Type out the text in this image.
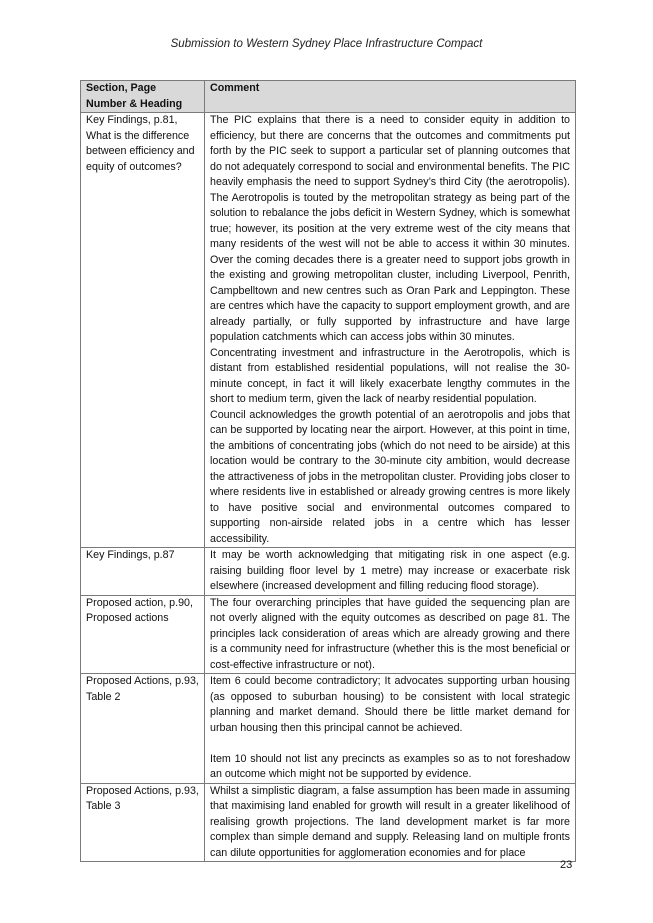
Submission to Western Sydney Place Infrastructure Compact
Section, Page Number & Heading	Comment
Key Findings, p.81, What is the difference between efficiency and equity of outcomes?	The PIC explains that there is a need to consider equity in addition to efficiency, but there are concerns that the outcomes and commitments put forth by the PIC seek to support a particular set of planning outcomes that do not adequately correspond to social and environmental benefits. The PIC heavily emphasis the need to support Sydney’s third City (the aerotropolis). The Aerotropolis is touted by the metropolitan strategy as being part of the solution to rebalance the jobs deficit in Western Sydney, which is somewhat true; however, its position at the very extreme west of the city means that many residents of the west will not be able to access it within 30 minutes. Over the coming decades there is a greater need to support jobs growth in the existing and growing metropolitan cluster, including Liverpool, Penrith, Campbelltown and new centres such as Oran Park and Leppington. These are centres which have the capacity to support employment growth, and are already partially, or fully supported by infrastructure and have large population catchments which can access jobs within 30 minutes.

Concentrating investment and infrastructure in the Aerotropolis, which is distant from established residential populations, will not realise the 30-minute concept, in fact it will likely exacerbate lengthy commutes in the short to medium term, given the lack of nearby residential population.

Council acknowledges the growth potential of an aerotropolis and jobs that can be supported by locating near the airport. However, at this point in time, the ambitions of concentrating jobs (which do not need to be airside) at this location would be contrary to the 30-minute city ambition, would decrease the attractiveness of jobs in the metropolitan cluster. Providing jobs closer to where residents live in established or already growing centres is more likely to have positive social and environmental outcomes compared to supporting non-airside related jobs in a centre which has lesser accessibility.

Key Findings, p.87	It may be worth acknowledging that mitigating risk in one aspect (e.g. raising building floor level by 1 metre) may increase or exacerbate risk elsewhere (increased development and filling reducing flood storage).

Proposed action, p.90, Proposed actions	The four overarching principles that have guided the sequencing plan are not overly aligned with the equity outcomes as described on page 81. The principles lack consideration of areas which are already growing and there is a community need for infrastructure (whether this is the most beneficial or cost-effective infrastructure or not).

Proposed Actions, p.93, Table 2	Item 6 could become contradictory; It advocates supporting urban housing (as opposed to suburban housing) to be consistent with local strategic planning and market demand. Should there be little market demand for urban housing then this principal cannot be achieved.

Item 10 should not list any precincts as examples so as to not foreshadow an outcome which might not be supported by evidence.

Proposed Actions, p.93, Table 3	Whilst a simplistic diagram, a false assumption has been made in assuming that maximising land enabled for growth will result in a greater likelihood of realising growth projections. The land development market is far more complex than simple demand and supply. Releasing land on multiple fronts can dilute opportunities for agglomeration economies and for place

23
